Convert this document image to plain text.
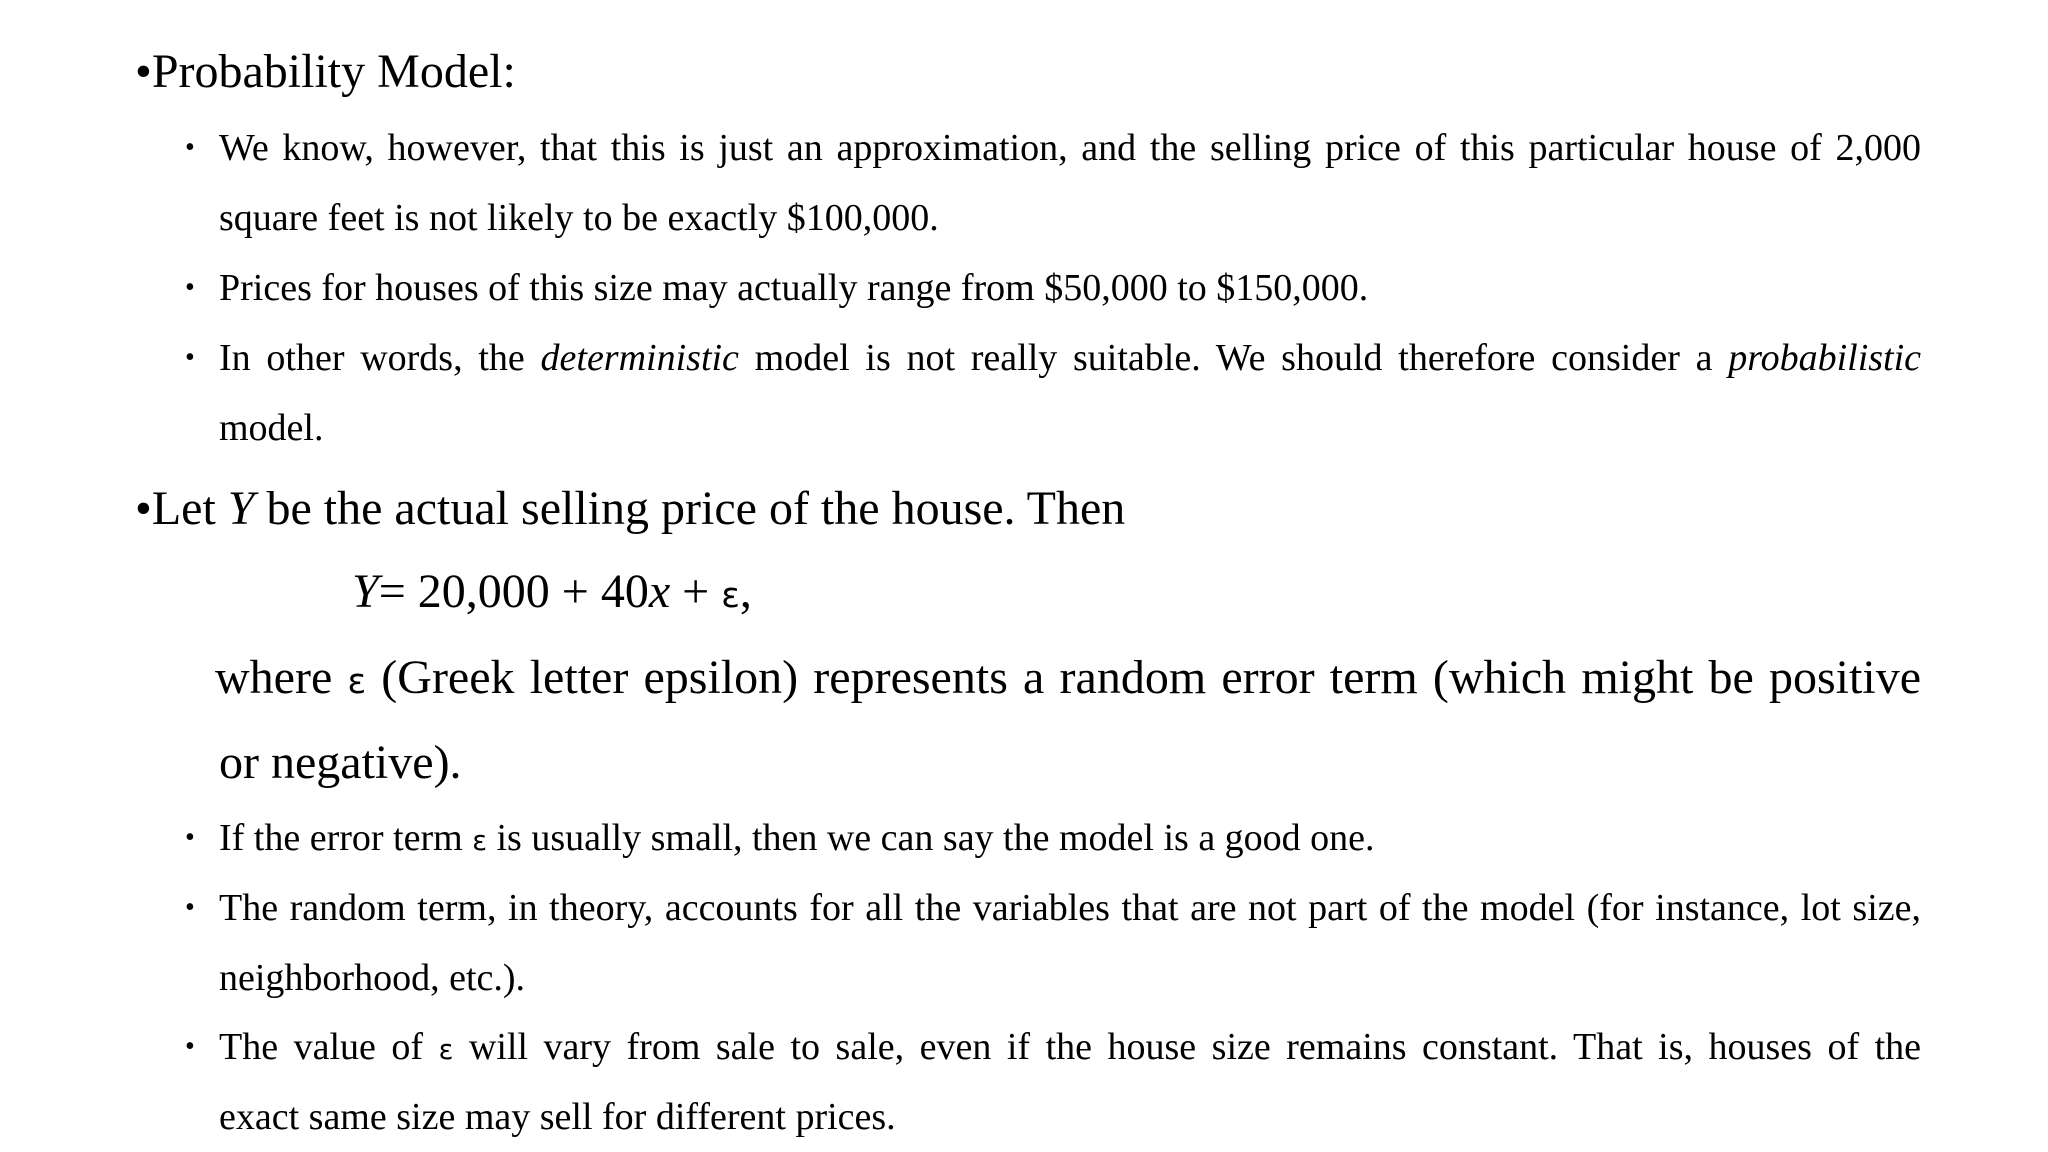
•Probability Model:
• We know, however, that this is just an approximation, and the selling price of this particular house of 2,000
square feet is not likely to be exactly $100,000.
• Prices for houses of this size may actually range from $50,000 to $150,000.
• In other words, the deterministic model is not really suitable. We should therefore consider a probabilistic
model.
•Let Y be the actual selling price of the house. Then
Y= 20,000 + 40x + ε,
where ε (Greek letter epsilon) represents a random error term (which might be positive
or negative).
• If the error term ε is usually small, then we can say the model is a good one.
• The random term, in theory, accounts for all the variables that are not part of the model (for instance, lot size,
neighborhood, etc.).
• The value of ε will vary from sale to sale, even if the house size remains constant. That is, houses of the
exact same size may sell for different prices.
